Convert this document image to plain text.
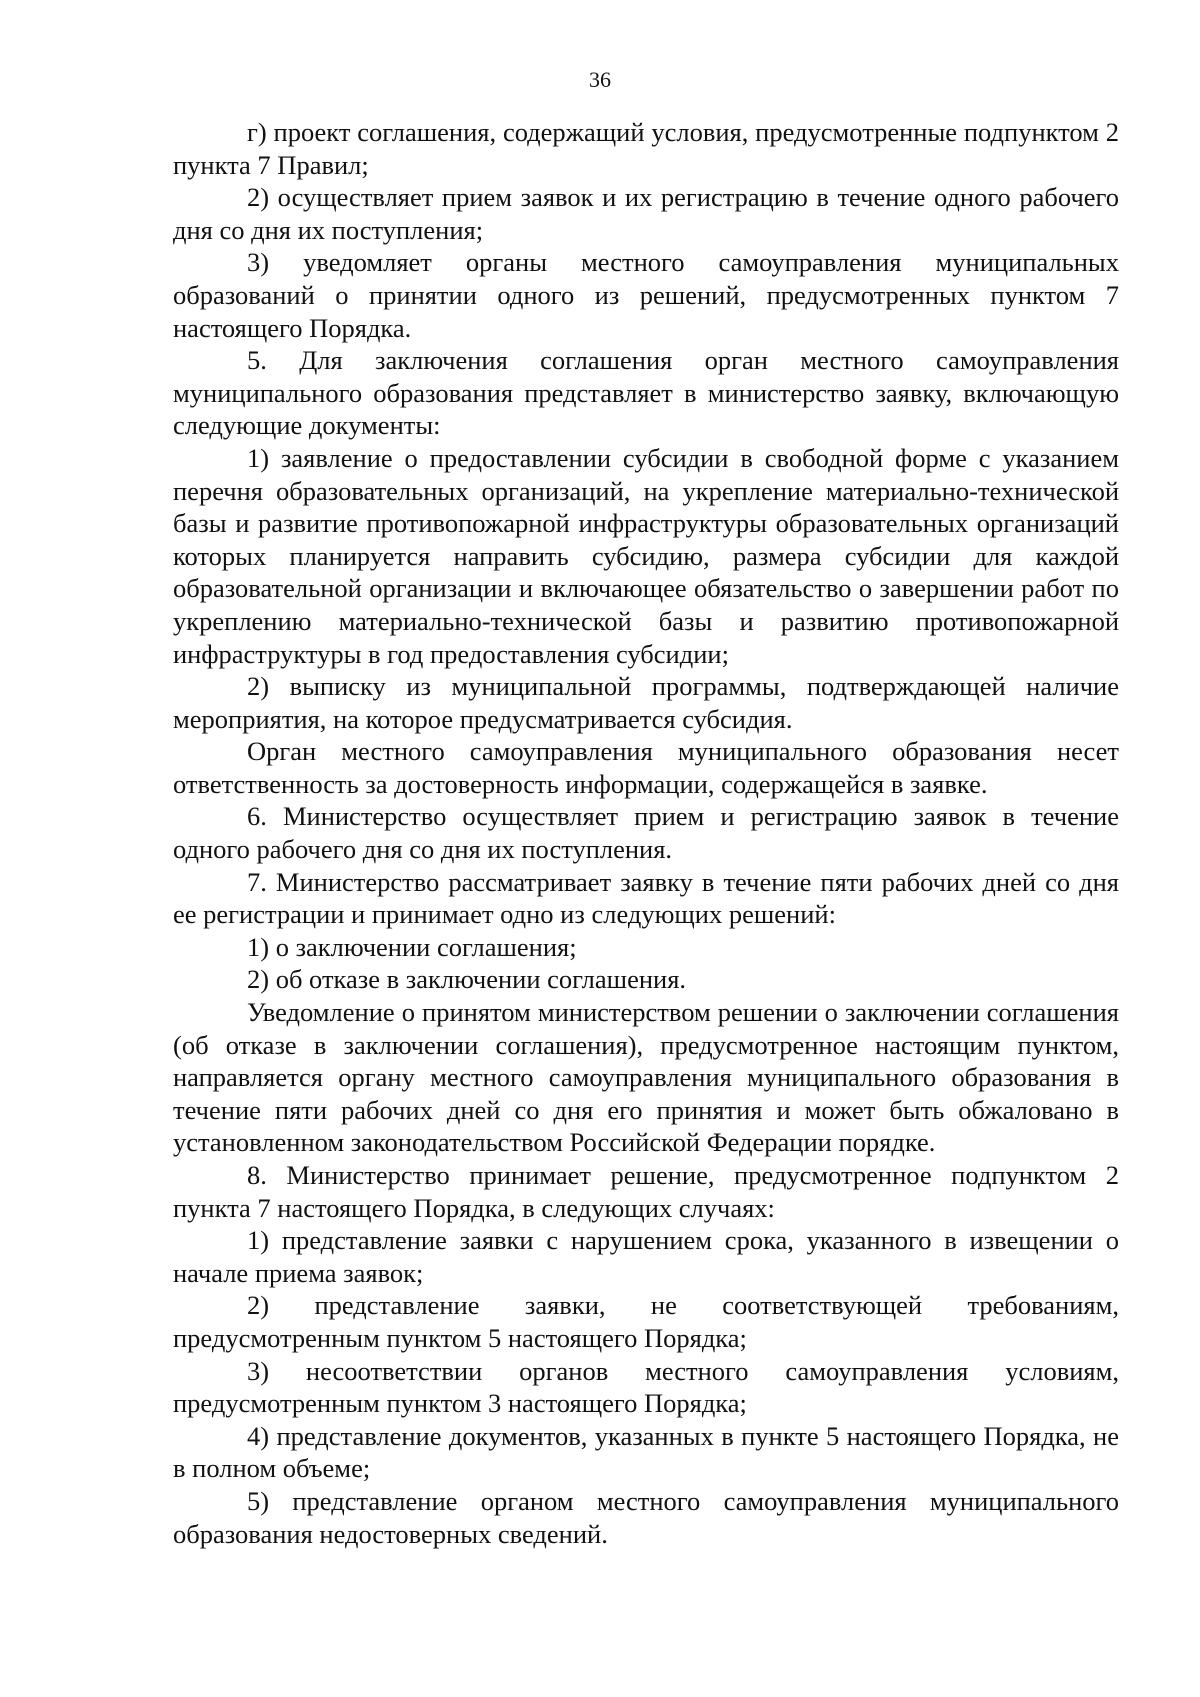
36

г) проект соглашения, содержащий условия, предусмотренные подпунктом 2 пункта 7 Правил;

2) осуществляет прием заявок и их регистрацию в течение одного рабочего дня со дня их поступления;

3) уведомляет органы местного самоуправления муниципальных образований о принятии одного из решений, предусмотренных пунктом 7 настоящего Порядка.

5. Для заключения соглашения орган местного самоуправления муниципального образования представляет в министерство заявку, включающую следующие документы:

1) заявление о предоставлении субсидии в свободной форме с указанием перечня образовательных организаций, на укрепление материально-технической базы и развитие противопожарной инфраструктуры образовательных организаций которых планируется направить субсидию, размера субсидии для каждой образовательной организации и включающее обязательство о завершении работ по укреплению материально-технической базы и развитию противопожарной инфраструктуры в год предоставления субсидии;

2) выписку из муниципальной программы, подтверждающей наличие мероприятия, на которое предусматривается субсидия.

Орган местного самоуправления муниципального образования несет ответственность за достоверность информации, содержащейся в заявке.

6. Министерство осуществляет прием и регистрацию заявок в течение одного рабочего дня со дня их поступления.

7. Министерство рассматривает заявку в течение пяти рабочих дней со дня ее регистрации и принимает одно из следующих решений:

1) о заключении соглашения;

2) об отказе в заключении соглашения.

Уведомление о принятом министерством решении о заключении соглашения (об отказе в заключении соглашения), предусмотренное настоящим пунктом, направляется органу местного самоуправления муниципального образования в течение пяти рабочих дней со дня его принятия и может быть обжаловано в установленном законодательством Российской Федерации порядке.

8. Министерство принимает решение, предусмотренное подпунктом 2 пункта 7 настоящего Порядка, в следующих случаях:

1) представление заявки с нарушением срока, указанного в извещении о начале приема заявок;

2) представление заявки, не соответствующей требованиям, предусмотренным пунктом 5 настоящего Порядка;

3) несоответствии органов местного самоуправления условиям, предусмотренным пунктом 3 настоящего Порядка;

4) представление документов, указанных в пункте 5 настоящего Порядка, не в полном объеме;

5) представление органом местного самоуправления муниципального образования недостоверных сведений.
